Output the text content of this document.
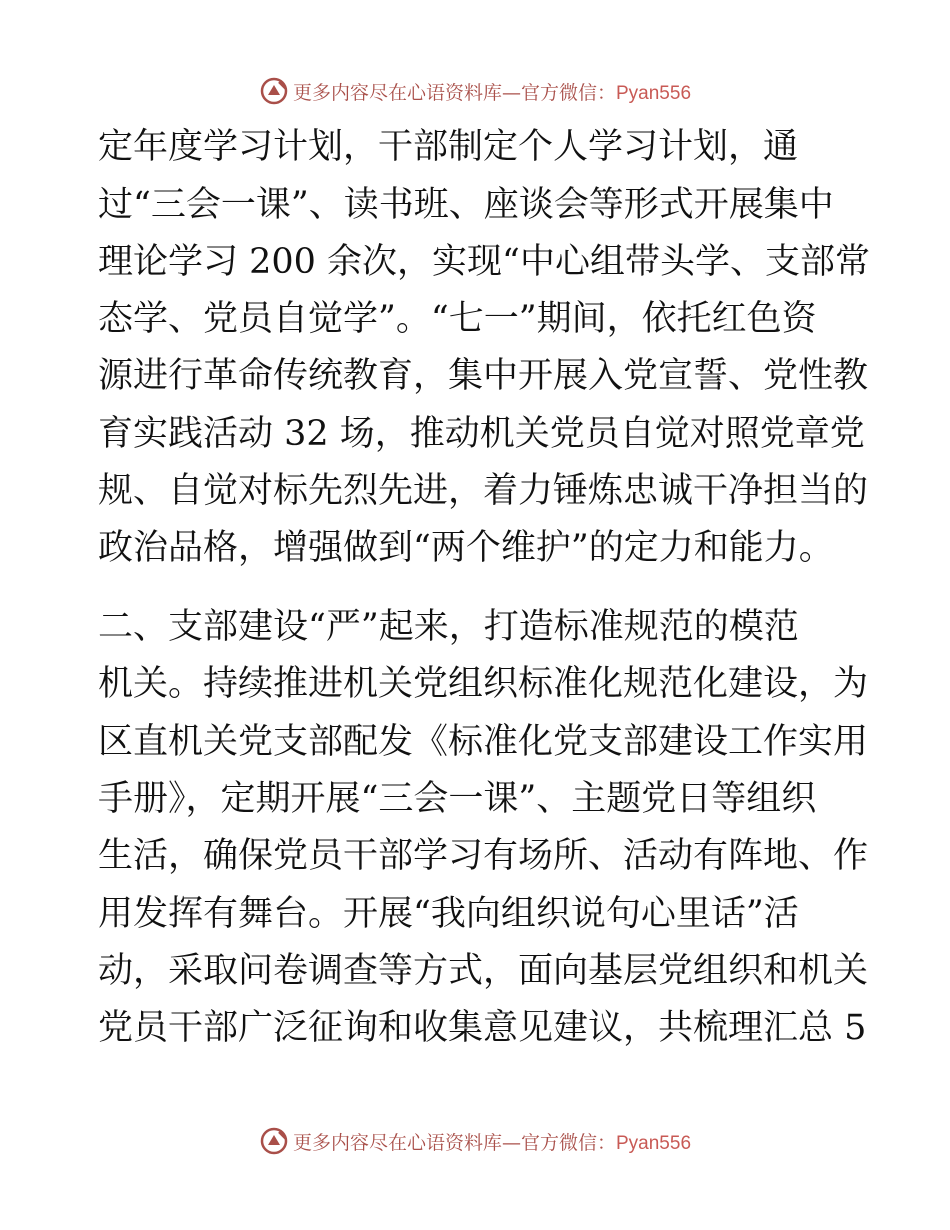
更多内容尽在心语资料库—官方微信：Pyan556
定年度学习计划，干部制定个人学习计划，通
过“三会一课”、读书班、座谈会等形式开展集中
理论学习 200 余次，实现“中心组带头学、支部常
态学、党员自觉学”。“七一”期间，依托红色资
源进行革命传统教育，集中开展入党宣誓、党性教
育实践活动 32 场，推动机关党员自觉对照党章党
规、自觉对标先烈先进，着力锤炼忠诚干净担当的
政治品格，增强做到“两个维护”的定力和能力。
二、支部建设“严”起来，打造标准规范的模范
机关。持续推进机关党组织标准化规范化建设，为
区直机关党支部配发《标准化党支部建设工作实用
手册》，定期开展“三会一课”、主题党日等组织
生活，确保党员干部学习有场所、活动有阵地、作
用发挥有舞台。开展“我向组织说句心里话”活
动，采取问卷调查等方式，面向基层党组织和机关
党员干部广泛征询和收集意见建议，共梳理汇总 5
更多内容尽在心语资料库—官方微信：Pyan556
